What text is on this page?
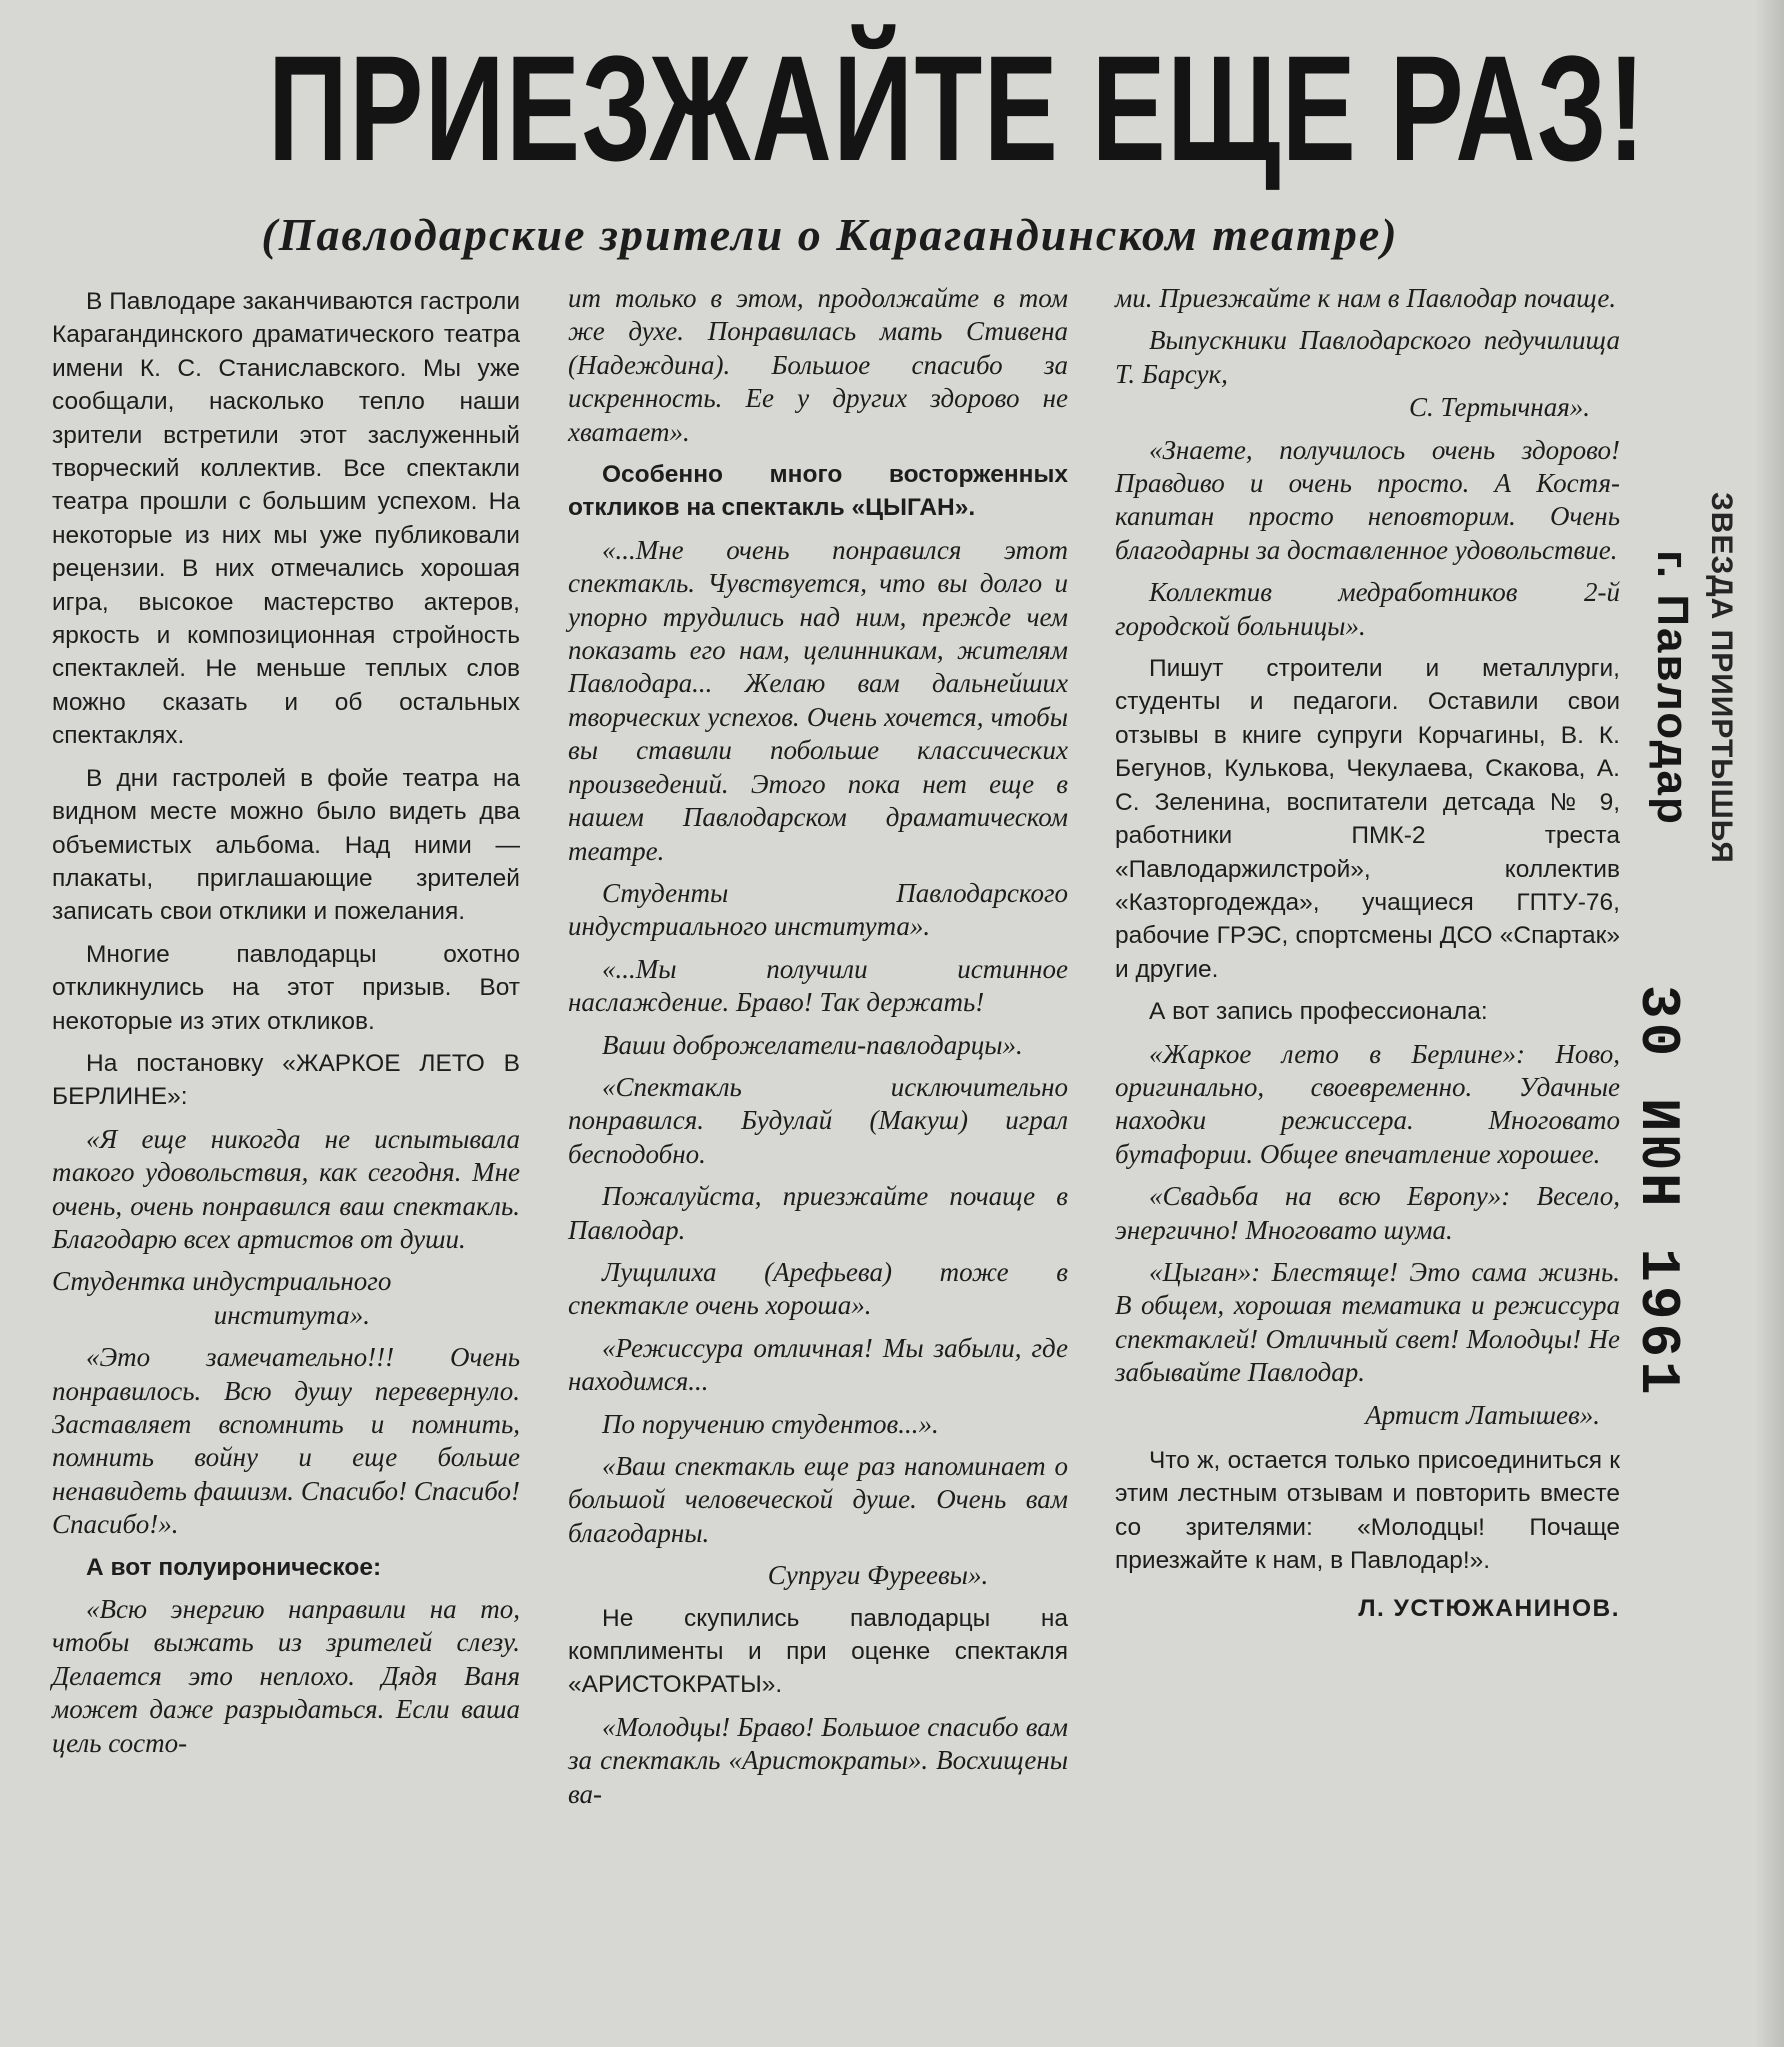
ПРИЕЗЖАЙТЕ ЕЩЕ РАЗ!
(Павлодарские зрители о Карагандинском театре)

В Павлодаре заканчиваются гастроли Карагандинского драматического театра имени К. С. Станиславского. Мы уже сообщали, насколько тепло наши зрители встретили этот заслуженный творческий коллектив. Все спектакли театра прошли с большим успехом. На некоторые из них мы уже публиковали рецензии. В них отмечались хорошая игра, высокое мастерство актеров, яркость и композиционная стройность спектаклей. Не меньше теплых слов можно сказать и об остальных спектаклях.

В дни гастролей в фойе театра на видном месте можно было видеть два объемистых альбома. Над ними — плакаты, приглашающие зрителей записать свои отклики и пожелания.

Многие павлодарцы охотно откликнулись на этот призыв. Вот некоторые из этих откликов.

На постановку «ЖАРКОЕ ЛЕТО В БЕРЛИНЕ»:

«Я еще никогда не испытывала такого удовольствия, как сегодня. Мне очень, очень понравился ваш спектакль. Благодарю всех артистов от души.

Студентка индустриального

института».

«Это замечательно!!! Очень понравилось. Всю душу перевернуло. Заставляет вспомнить и помнить, помнить войну и еще больше ненавидеть фашизм. Спасибо! Спасибо! Спасибо!».

А вот полуироническое:

«Всю энергию направили на то, чтобы выжать из зрителей слезу. Делается это неплохо. Дядя Ваня может даже разрыдаться. Если ваша цель состо-

ит только в этом, продолжайте в том же духе. Понравилась мать Стивена (Надеждина). Большое спасибо за искренность. Ее у других здорово не хватает».

Особенно много восторженных откликов на спектакль «ЦЫГАН».

«...Мне очень понравился этот спектакль. Чувствуется, что вы долго и упорно трудились над ним, прежде чем показать его нам, целинникам, жителям Павлодара... Желаю вам дальнейших творческих успехов. Очень хочется, чтобы вы ставили побольше классических произведений. Этого пока нет еще в нашем Павлодарском драматическом театре.

Студенты Павлодарского индустриального института».

«...Мы получили истинное наслаждение. Браво! Так держать!

Ваши доброжелатели-павлодарцы».

«Спектакль исключительно понравился. Будулай (Макуш) играл бесподобно.

Пожалуйста, приезжайте почаще в Павлодар.

Лущилиха (Арефьева) тоже в спектакле очень хороша».

«Режиссура отличная! Мы забыли, где находимся...

По поручению студентов...».

«Ваш спектакль еще раз напоминает о большой человеческой душе. Очень вам благодарны.

Супруги Фуреевы».

Не скупились павлодарцы на комплименты и при оценке спектакля «АРИСТОКРАТЫ».

«Молодцы! Браво! Большое спасибо вам за спектакль «Аристократы». Восхищены ва-

ми. Приезжайте к нам в Павлодар почаще.

Выпускники Павлодарского педучилища Т. Барсук,

С. Тертычная».

«Знаете, получилось очень здорово! Правдиво и очень просто. А Костя-капитан просто неповторим. Очень благодарны за доставленное удовольствие.

Коллектив медработников 2-й городской больницы».

Пишут строители и металлурги, студенты и педагоги. Оставили свои отзывы в книге супруги Корчагины, В. К. Бегунов, Кулькова, Чекулаева, Скакова, А. С. Зеленина, воспитатели детсада № 9, работники ПМК-2 треста «Павлодаржилстрой», коллектив «Казторгодежда», учащиеся ГПТУ-76, рабочие ГРЭС, спортсмены ДСО «Спартак» и другие.

А вот запись профессионала:

«Жаркое лето в Берлине»: Ново, оригинально, своевременно. Удачные находки режиссера. Многовато бутафории. Общее впечатление хорошее.

«Свадьба на всю Европу»: Весело, энергично! Многовато шума.

«Цыган»: Блестяще! Это сама жизнь. В общем, хорошая тематика и режиссура спектаклей! Отличный свет! Молодцы! Не забывайте Павлодар.

Артист Латышев».

Что ж, остается только присоединиться к этим лестным отзывам и повторить вместе со зрителями: «Молодцы! Почаще приезжайте к нам, в Павлодар!».

Л. УСТЮЖАНИНОВ.

ЗВЕЗДА ПРИИРТЫШЬЯ
г. Павлодар
30 ИЮН 1961
